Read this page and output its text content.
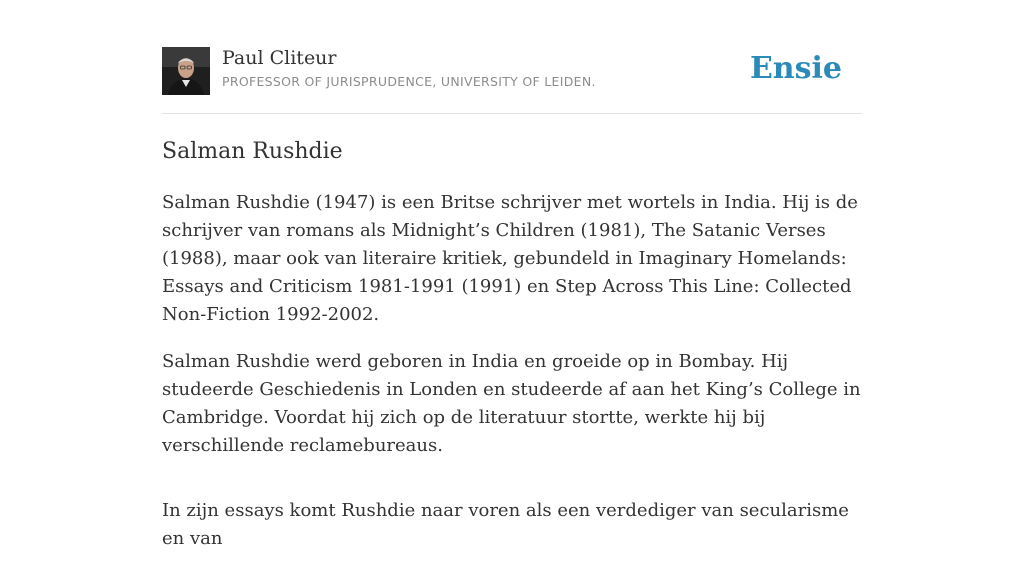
Paul Cliteur
PROFESSOR OF JURISPRUDENCE, UNIVERSITY OF LEIDEN.	Ensie
Salman Rushdie

Salman Rushdie (1947) is een Britse schrijver met wortels in India. Hij is de schrijver van romans als Midnight’s Children (1981), The Satanic Verses (1988), maar ook van literaire kritiek, gebundeld in Imaginary Homelands: Essays and Criticism 1981-1991 (1991) en Step Across This Line: Collected Non-Fiction 1992-2002.

Salman Rushdie werd geboren in India en groeide op in Bombay. Hij studeerde Geschiedenis in Londen en studeerde af aan het King’s College in Cambridge. Voordat hij zich op de literatuur stortte, werkte hij bij verschillende reclamebureaus.

In zijn essays komt Rushdie naar voren als een verdediger van secularisme en van
